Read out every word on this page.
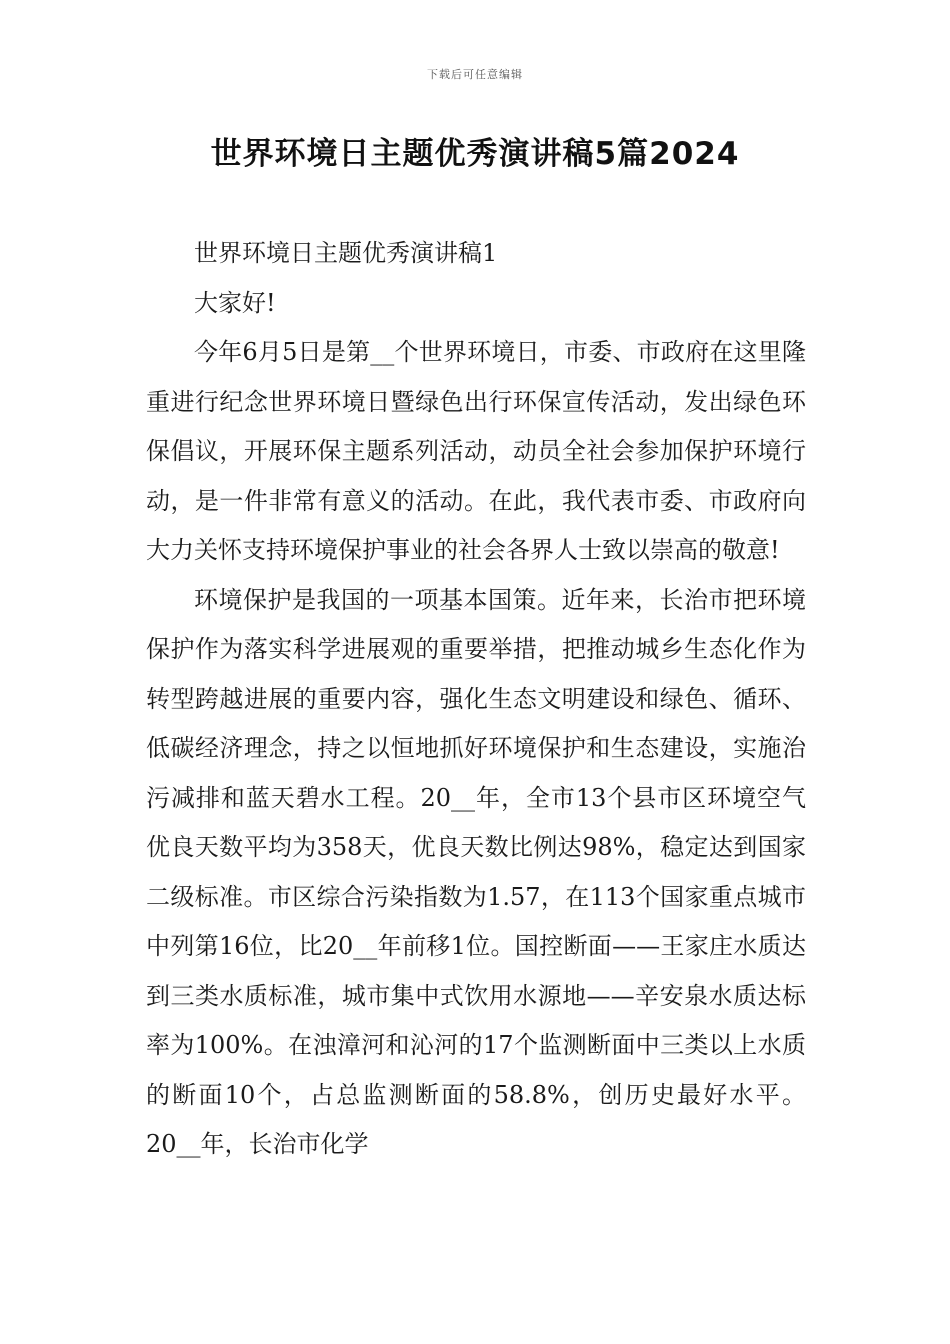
下载后可任意编辑
世界环境日主题优秀演讲稿5篇2024

世界环境日主题优秀演讲稿1

大家好!

今年6月5日是第__个世界环境日，市委、市政府在这里隆重进行纪念世界环境日暨绿色出行环保宣传活动，发出绿色环保倡议，开展环保主题系列活动，动员全社会参加保护环境行动，是一件非常有意义的活动。在此，我代表市委、市政府向大力关怀支持环境保护事业的社会各界人士致以崇高的敬意!

环境保护是我国的一项基本国策。近年来，长治市把环境保护作为落实科学进展观的重要举措，把推动城乡生态化作为转型跨越进展的重要内容，强化生态文明建设和绿色、循环、低碳经济理念，持之以恒地抓好环境保护和生态建设，实施治污减排和蓝天碧水工程。20__年，全市13个县市区环境空气优良天数平均为358天，优良天数比例达98%，稳定达到国家二级标准。市区综合污染指数为1.57，在113个国家重点城市中列第16位，比20__年前移1位。国控断面——王家庄水质达到三类水质标准，城市集中式饮用水源地——辛安泉水质达标率为100%。在浊漳河和沁河的17个监测断面中三类以上水质的断面10个，占总监测断面的58.8%，创历史最好水平。20__年，长治市化学
